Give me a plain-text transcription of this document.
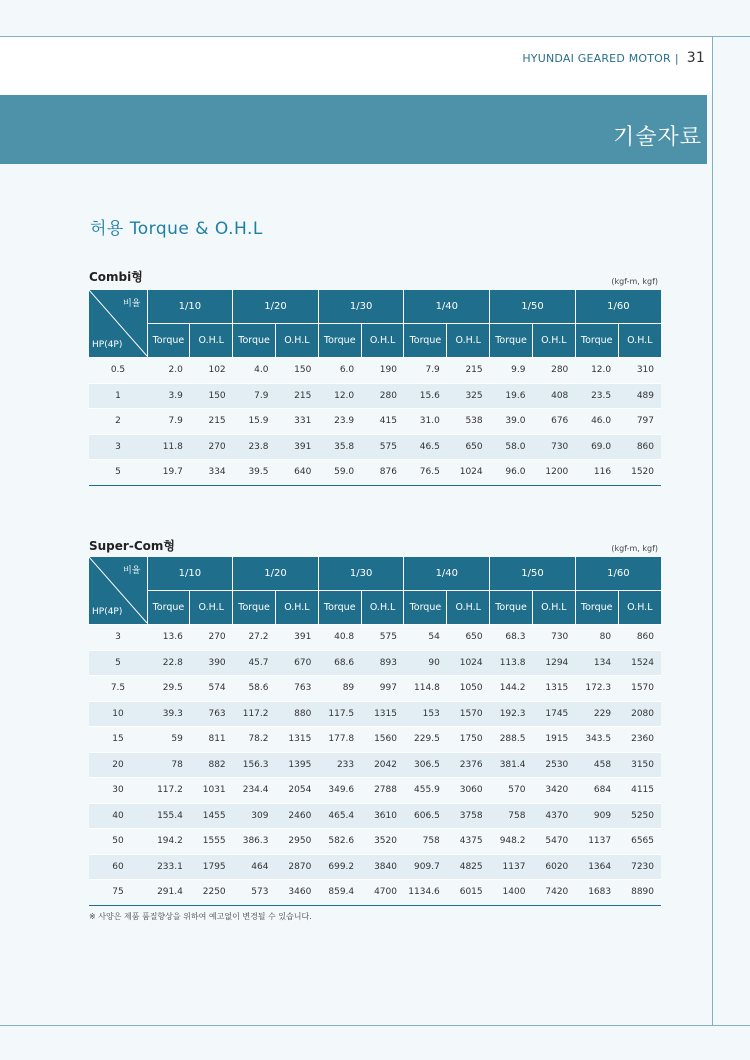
HYUNDAI GEARED MOTOR | 31
기술자료
허용 Torque & O.H.L
Combi형	(kgf-m, kgf)
비율
HP(4P)	1/10		1/20		1/30		1/40		1/50		1/60	
	Torque	O.H.L	Torque	O.H.L	Torque	O.H.L	Torque	O.H.L	Torque	O.H.L	Torque	O.H.L
0.5	2.0	102	4.0	150	6.0	190	7.9	215	9.9	280	12.0	310
1	3.9	150	7.9	215	12.0	280	15.6	325	19.6	408	23.5	489
2	7.9	215	15.9	331	23.9	415	31.0	538	39.0	676	46.0	797
3	11.8	270	23.8	391	35.8	575	46.5	650	58.0	730	69.0	860
5	19.7	334	39.5	640	59.0	876	76.5	1024	96.0	1200	116	1520
Super-Com형	(kgf-m, kgf)
비율
HP(4P)	1/10		1/20		1/30		1/40		1/50		1/60	
	Torque	O.H.L	Torque	O.H.L	Torque	O.H.L	Torque	O.H.L	Torque	O.H.L	Torque	O.H.L
3	13.6	270	27.2	391	40.8	575	54	650	68.3	730	80	860
5	22.8	390	45.7	670	68.6	893	90	1024	113.8	1294	134	1524
7.5	29.5	574	58.6	763	89	997	114.8	1050	144.2	1315	172.3	1570
10	39.3	763	117.2	880	117.5	1315	153	1570	192.3	1745	229	2080
15	59	811	78.2	1315	177.8	1560	229.5	1750	288.5	1915	343.5	2360
20	78	882	156.3	1395	233	2042	306.5	2376	381.4	2530	458	3150
30	117.2	1031	234.4	2054	349.6	2788	455.9	3060	570	3420	684	4115
40	155.4	1455	309	2460	465.4	3610	606.5	3758	758	4370	909	5250
50	194.2	1555	386.3	2950	582.6	3520	758	4375	948.2	5470	1137	6565
60	233.1	1795	464	2870	699.2	3840	909.7	4825	1137	6020	1364	7230
75	291.4	2250	573	3460	859.4	4700	1134.6	6015	1400	7420	1683	8890
※ 사양은 제품 품질향상을 위하여 예고없이 변경될 수 있습니다.
